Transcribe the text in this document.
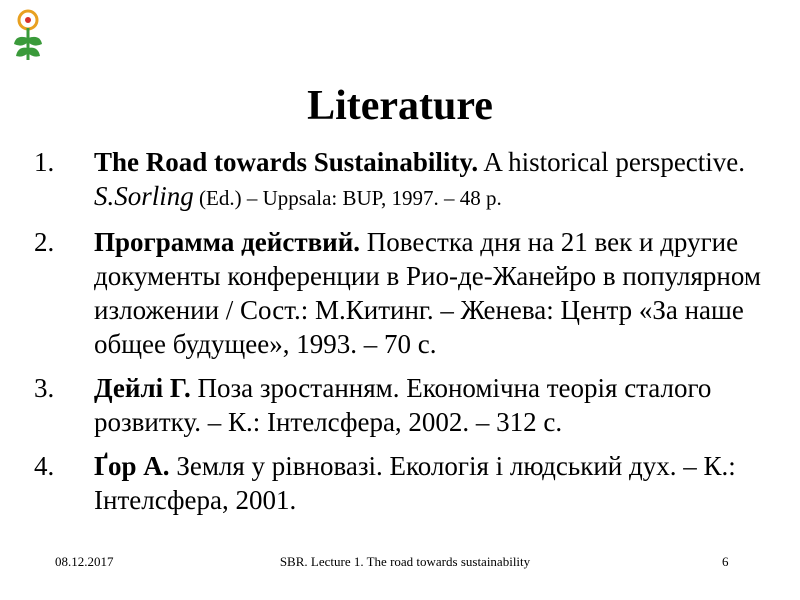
Literature
1.	The Road towards Sustainability. A historical perspective. S.Sorling (Ed.) – Uppsala: BUP, 1997. – 48 p.
2.	Программа действий. Повестка дня на 21 век и другие документы конференции в Рио-де-Жанейро в популярном изложении / Сост.: М.Китинг. – Женева: Центр «За наше общее будущее», 1993. – 70 с.
3.	Дейлі Г. Поза зростанням. Економічна теорія сталого розвитку. – К.: Інтелсфера, 2002. – 312 с.
4.	Ґор А. Земля у рівновазі. Екологія і людський дух. – К.: Інтелсфера, 2001.
08.12.2017	SBR. Lecture 1. The road towards sustainability	6
